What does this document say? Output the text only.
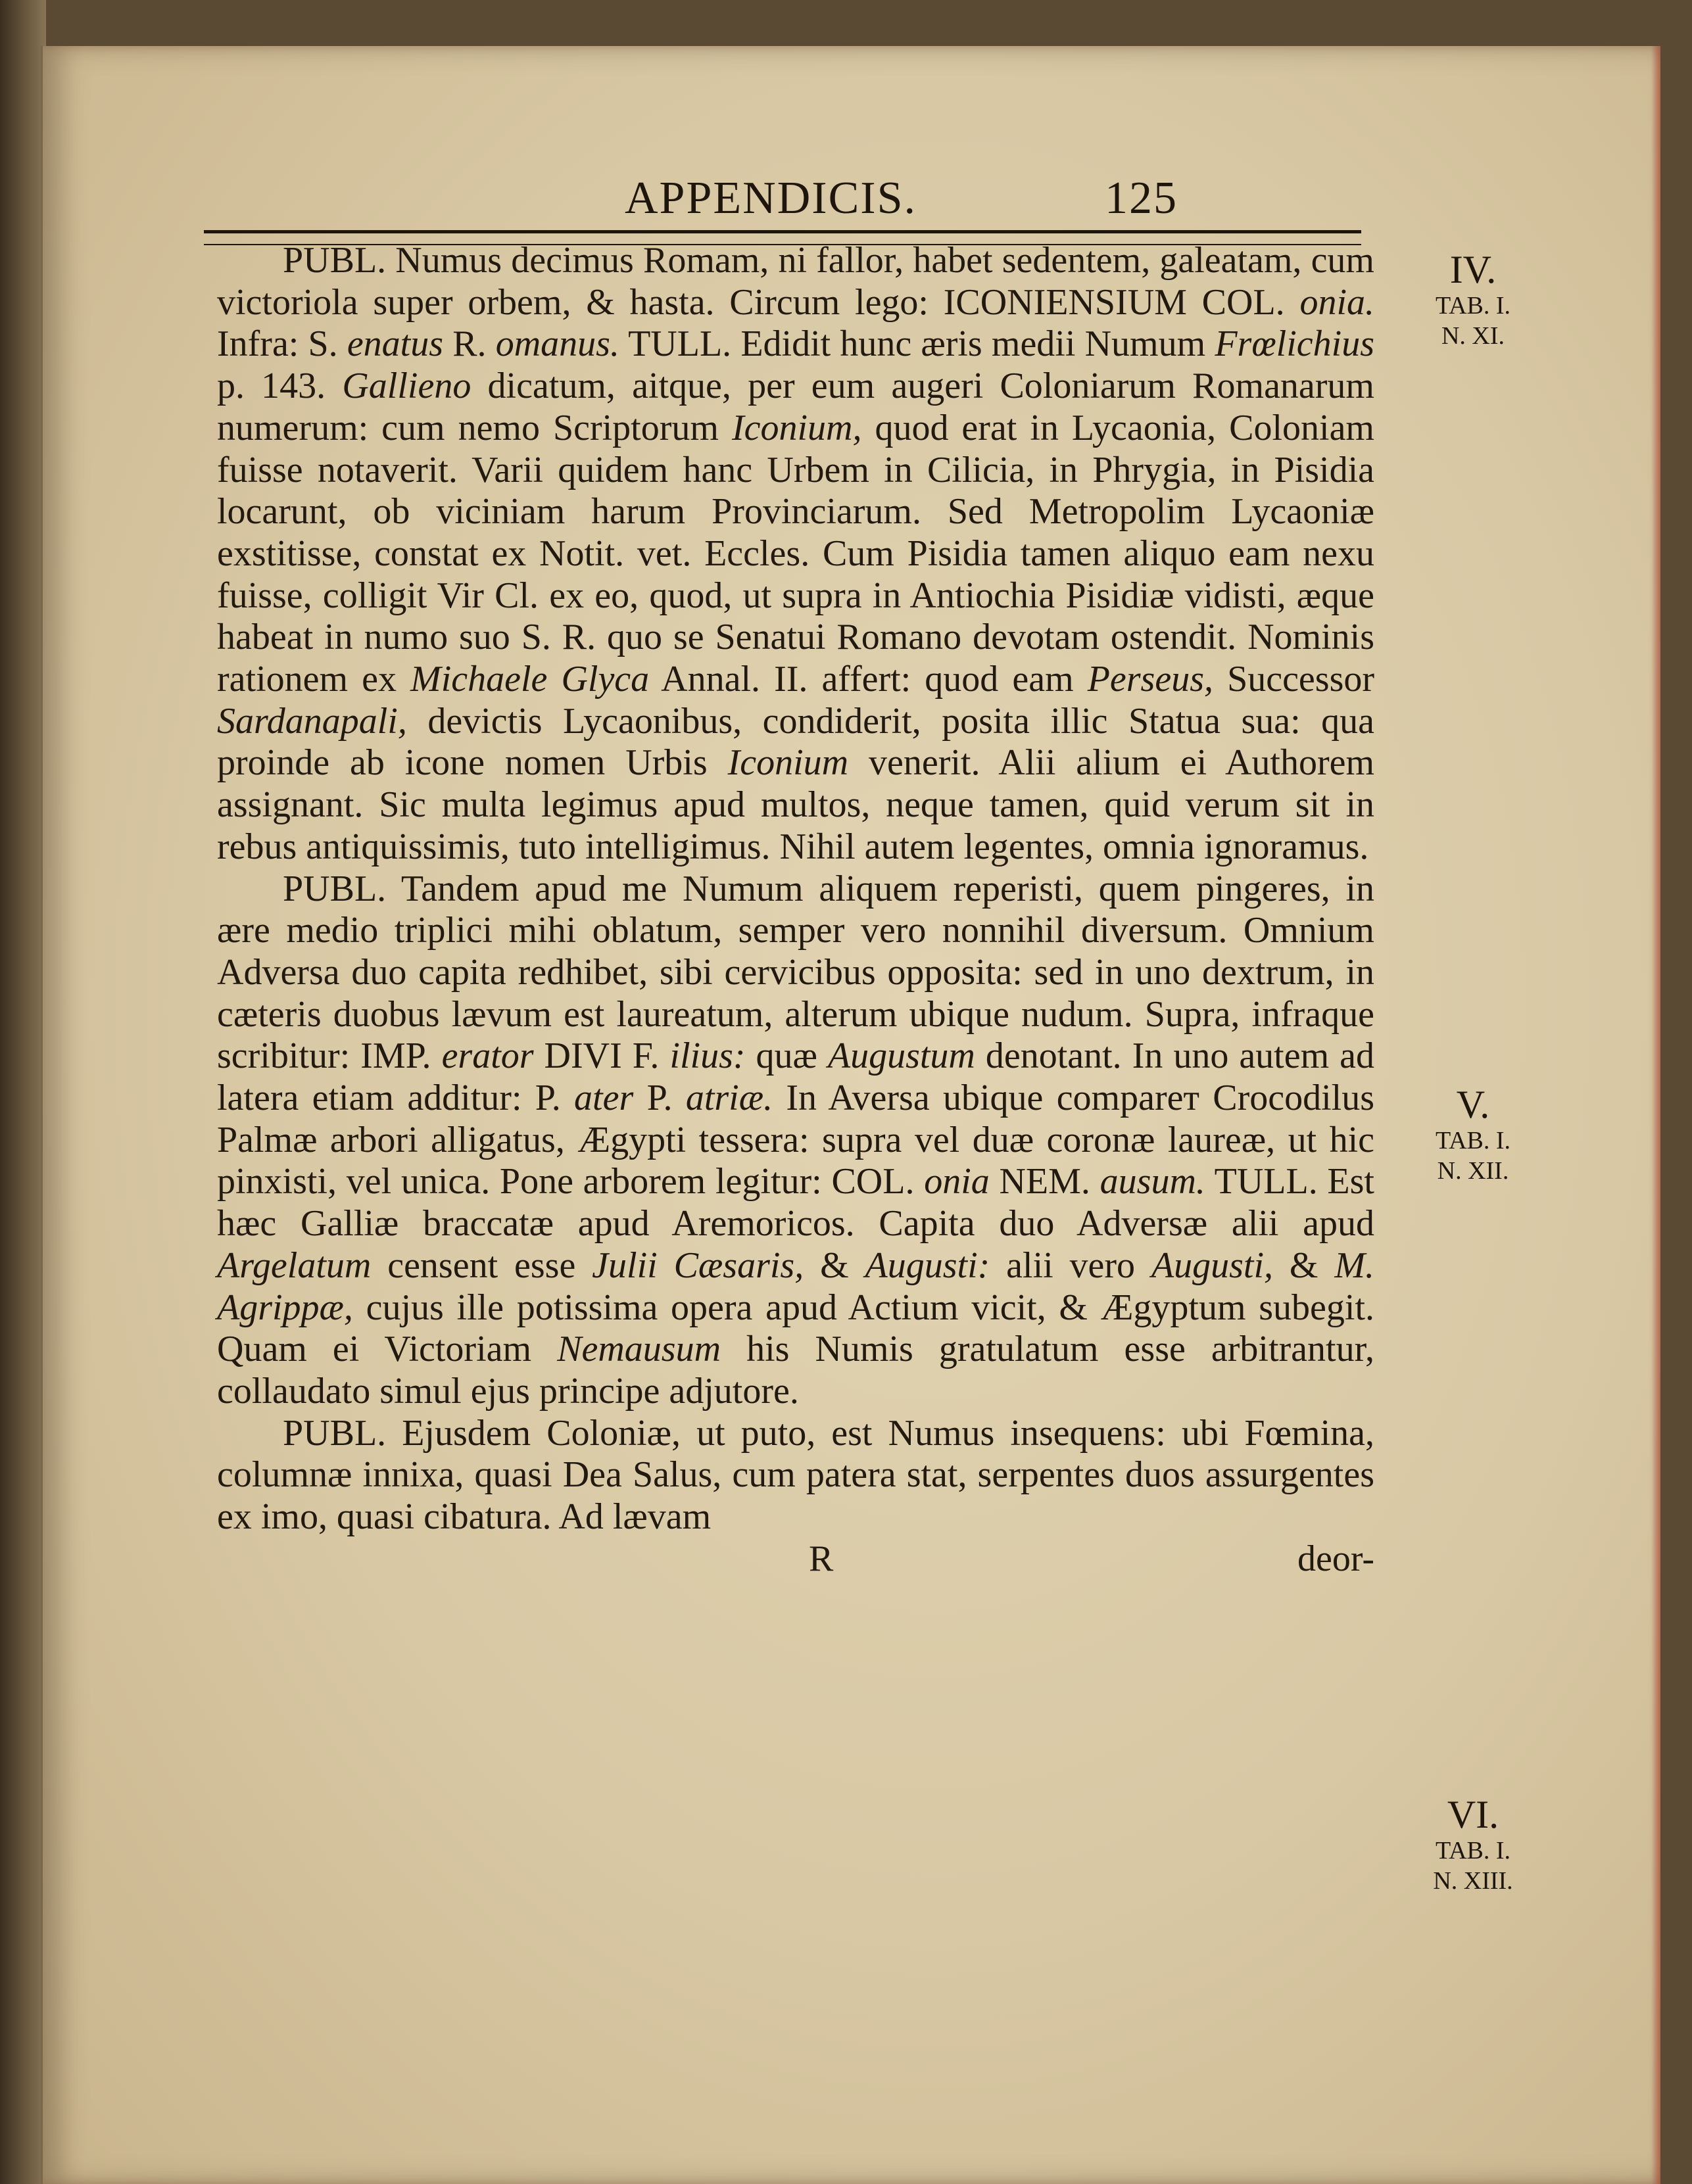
APPENDICIS.	125

PUBL. Numus decimus Romam, ni fallor, habet sedentem, galeatam, cum victoriola super orbem, & hasta. Circum lego: ICONIENSIUM COL. onia. Infra: S. enatus R. omanus. TULL. Edidit hunc æris medii Numum Frœlichius p. 143. Gallieno dicatum, aitque, per eum augeri Coloniarum Romanarum numerum: cum nemo Scriptorum Iconium, quod erat in Lycaonia, Coloniam fuisse notaverit. Varii quidem hanc Urbem in Cilicia, in Phrygia, in Pisidia locarunt, ob viciniam harum Provinciarum. Sed Metropolim Lycaoniæ exstitisse, constat ex Notit. vet. Eccles. Cum Pisidia tamen aliquo eam nexu fuisse, colligit Vir Cl. ex eo, quod, ut supra in Antiochia Pisidiæ vidisti, æque habeat in numo suo S. R. quo se Senatui Romano devotam ostendit. Nominis rationem ex Michaele Glyca Annal. II. affert: quod eam Perseus, Successor Sardanapali, devictis Lycaonibus, condiderit, posita illic Statua sua: qua proinde ab icone nomen Urbis Iconium venerit. Alii alium ei Authorem assignant. Sic multa legimus apud multos, neque tamen, quid verum sit in rebus antiquissimis, tuto intelligimus. Nihil autem legentes, omnia ignoramus.

PUBL. Tandem apud me Numum aliquem reperisti, quem pingeres, in ære medio triplici mihi oblatum, semper vero nonnihil diversum. Omnium Adversa duo capita redhibet, sibi cervicibus opposita: sed in uno dextrum, in cæteris duobus lævum est laureatum, alterum ubique nudum. Supra, infraque scribitur: IMP. erator DIVI F. ilius: quæ Augustum denotant. In uno autem ad latera etiam additur: P. ater P. atriæ. In Aversa ubique compareт Crocodilus Palmæ arbori alligatus, Ægypti tessera: supra vel duæ coronæ laureæ, ut hic pinxisti, vel unica. Pone arborem legitur: COL. onia NEM. ausum. TULL. Est hæc Galliæ braccatæ apud Aremoricos. Capita duo Adversæ alii apud Argelatum censent esse Julii Cæsaris, & Augusti: alii vero Augusti, & M. Agrippæ, cujus ille potissima opera apud Actium vicit, & Ægyptum subegit. Quam ei Victoriam Nemausum his Numis gratulatum esse arbitrantur, collaudato simul ejus principe adjutore.

PUBL. Ejusdem Coloniæ, ut puto, est Numus insequens: ubi Fœmina, columnæ innixa, quasi Dea Salus, cum patera stat, serpentes duos assurgentes ex imo, quasi cibatura. Ad lævam

R	deor-
IV.
TAB. I.
N. XI.
V.
TAB. I.
N. XII.
VI.
TAB. I.
N. XIII.
